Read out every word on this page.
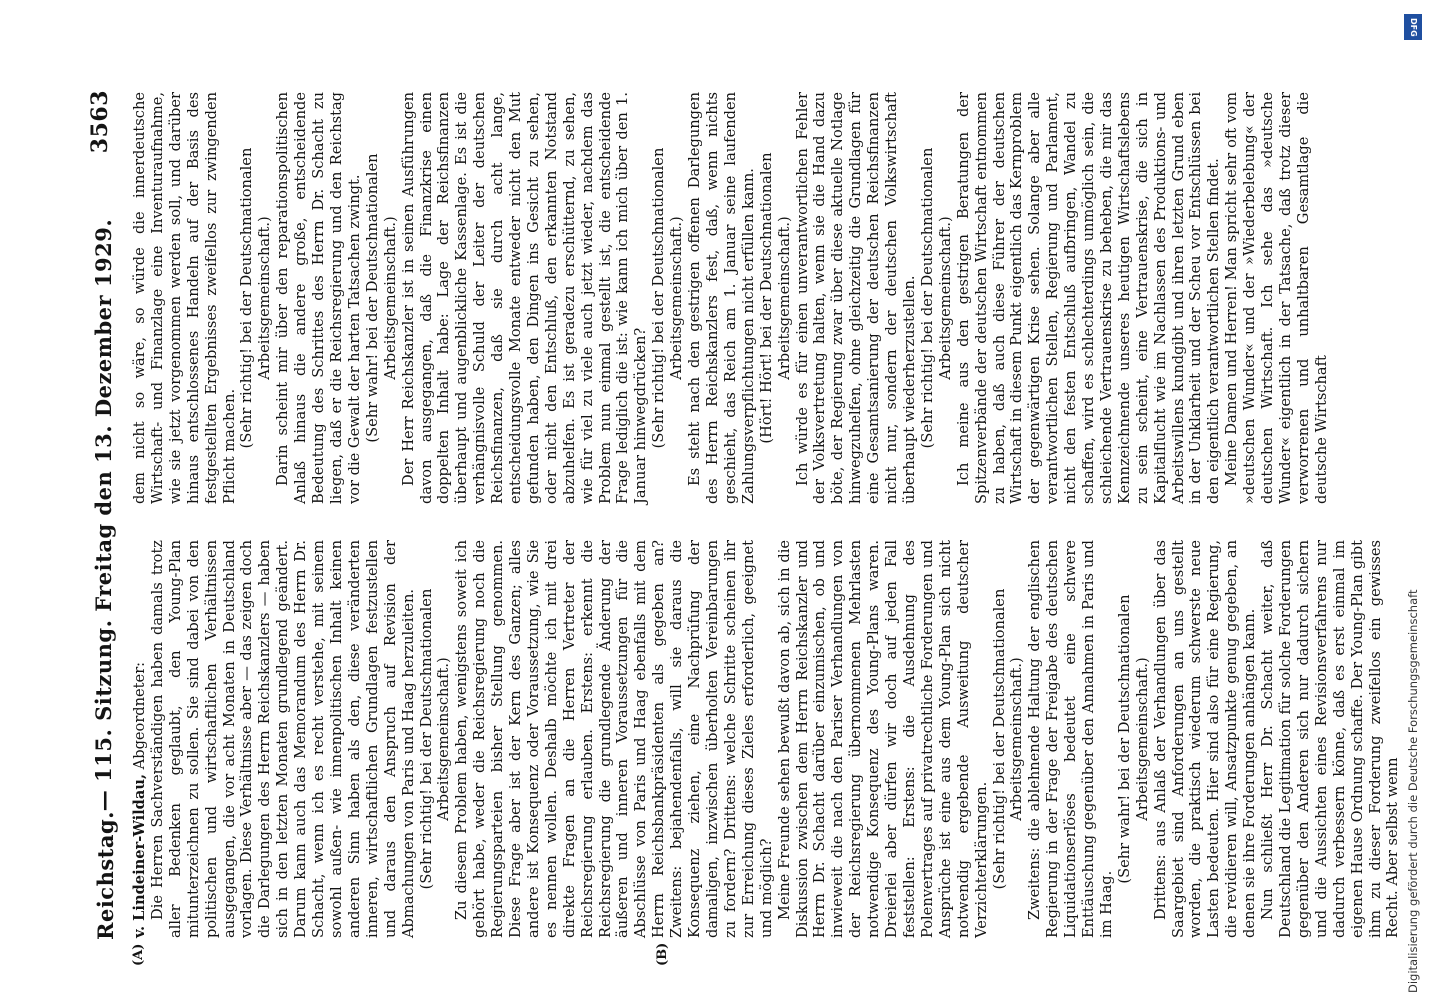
Reichstag.
— 115. Sitzung. Freitag den 13. Dezember 1929.
3563
(A)	(B)

v. Lindeiner-Wildau, Abgeordneter: Die Herren Sachverständigen haben damals trotz aller Bedenken geglaubt, den Young-Plan mitunterzeichnen zu sollen. Sie sind dabei von den politischen und wirtschaftlichen Verhältnissen ausgegangen, die vor acht Monaten in Deutschland vorlagen. Diese Verhältnisse aber — das zeigen doch die Darlegungen des Herrn Reichskanzlers — haben sich in den letzten Monaten grundlegend geändert. Darum kann auch das Memorandum des Herrn Dr. Schacht, wenn ich es recht verstehe, mit seinem sowohl außen- wie innenpolitischen Inhalt keinen anderen Sinn haben als den, diese veränderten inneren, wirtschaftlichen Grundlagen festzustellen und daraus den Anspruch auf Revision der Abmachungen von Paris und Haag herzuleiten. (Sehr richtig! bei der Deutschnationalen Arbeitsgemeinschaft.) Zu diesem Problem haben, wenigstens soweit ich gehört habe, weder die Reichsregierung noch die Regierungsparteien bisher Stellung genommen. Diese Frage aber ist der Kern des Ganzen; alles andere ist Konsequenz oder Voraussetzung, wie Sie es nennen wollen. Deshalb möchte ich mit drei direkte Fragen an die Herren Vertreter der Reichsregierung erlauben. Erstens: erkennt die Reichsregierung die grundlegende Änderung der äußeren und inneren Voraussetzungen für die Abschlüsse von Paris und Haag ebenfalls mit dem Herrn Reichsbankpräsidenten als gegeben an? Zweitens: bejahendenfalls, will sie daraus die Konsequenz ziehen, eine Nachprüfung der damaligen, inzwischen überholten Vereinbarungen zu fordern? Drittens: welche Schritte scheinen ihr zur Erreichung dieses Zieles erforderlich, geeignet und möglich? Meine Freunde sehen bewußt davon ab, sich in die Diskussion zwischen dem Herrn Reichskanzler und Herrn Dr. Schacht darüber einzumischen, ob und inwieweit die nach den Pariser Verhandlungen von der Reichsregierung übernommenen Mehrlasten notwendige Konsequenz des Young-Plans waren. Dreierlei aber dürfen wir doch auf jeden Fall feststellen: Erstens: die Ausdehnung des Polenvertrages auf privatrechtliche Forderungen und Ansprüche ist eine aus dem Young-Plan sich nicht notwendig ergebende Ausweitung deutscher Verzichterklärungen. (Sehr richtig! bei der Deutschnationalen Arbeitsgemeinschaft.) Zweitens: die ablehnende Haltung der englischen Regierung in der Frage der Freigabe des deutschen Liquidationserlöses bedeutet eine schwere Enttäuschung gegenüber den Annahmen in Paris und im Haag.

(Sehr wahr! bei der Deutschnationalen Arbeitsgemeinschaft.) Drittens: aus Anlaß der Verhandlungen über das Saargebiet sind Anforderungen an uns gestellt worden, die praktisch wiederum schwerste neue Lasten bedeuten. Hier sind also für eine Regierung, die revidieren will, Ansatzpunkte genug gegeben, an denen sie ihre Forderungen anhängen kann. Nun schließt Herr Dr. Schacht weiter, daß Deutschland die Legitimation für solche Forderungen gegenüber den Anderen sich nur dadurch sichern und die Aussichten eines Revisionsverfahrens nur dadurch verbessern könne, daß es erst einmal im eigenen Hause Ordnung schaffe. Der Young-Plan gibt ihm zu dieser Forderung zweifellos ein gewisses Recht. Aber selbst wenn

dem nicht so wäre, so würde die innerdeutsche Wirtschaft- und Finanzlage eine Inventuraufnahme, wie sie jetzt vorgenommen werden soll, und darüber hinaus entschlossenes Handeln auf der Basis des festgestellten Ergebnisses zweifellos zur zwingenden Pflicht machen. (Sehr richtig! bei der Deutschnationalen Arbeitsgemeinschaft.) Darin scheint mir über den reparationspolitischen Anlaß hinaus die andere große, entscheidende Bedeutung des Schrittes des Herrn Dr. Schacht zu liegen, daß er die Reichsregierung und den Reichstag vor die Gewalt der harten Tatsachen zwingt. (Sehr wahr! bei der Deutschnationalen Arbeitsgemeinschaft.) Der Herr Reichskanzler ist in seinen Ausführungen davon ausgegangen, daß die Finanzkrise einen doppelten Inhalt habe: Lage der Reichsfinanzen überhaupt und augenblickliche Kassenlage. Es ist die verhängnisvolle Schuld der Leiter der deutschen Reichsfinanzen, daß sie durch acht lange, entscheidungsvolle Monate entweder nicht den Mut gefunden haben, den Dingen ins Gesicht zu sehen, oder nicht den Entschluß, den erkannten Notstand abzuhelfen. Es ist geradezu erschütternd, zu sehen, wie für viel zu viele auch jetzt wieder, nachdem das Problem nun einmal gestellt ist, die entscheidende Frage lediglich die ist: wie kann ich mich über den 1. Januar hinwegdrücken? (Sehr richtig! bei der Deutschnationalen Arbeitsgemeinschaft.) Es steht nach den gestrigen offenen Darlegungen des Herrn Reichskanzlers fest, daß, wenn nichts geschieht, das Reich am 1. Januar seine laufenden Zahlungsverpflichtungen nicht erfüllen kann. (Hört! Hört! bei der Deutschnationalen Arbeitsgemeinschaft.) Ich würde es für einen unverantwortlichen Fehler der Volksvertretung halten, wenn sie die Hand dazu böte, der Regierung zwar über diese aktuelle Notlage hinwegzuhelfen, ohne gleichzeitig die Grundlagen für eine Gesamtsanierung der deutschen Reichsfinanzen nicht nur, sondern der deutschen Volkswirtschaft überhaupt wiederherzustellen. (Sehr richtig! bei der Deutschnationalen Arbeitsgemeinschaft.) Ich meine aus den gestrigen Beratungen der Spitzenverbände der deutschen Wirtschaft entnommen zu haben, daß auch diese Führer der deutschen Wirtschaft in diesem Punkt eigentlich das Kernproblem der gegenwärtigen Krise sehen. Solange aber alle verantwortlichen Stellen, Regierung und Parlament, nicht den festen Entschluß aufbringen, Wandel zu schaffen, wird es schlechterdings unmöglich sein, die schleichende Vertrauenskrise zu beheben, die mir das Kennzeichnende unseres heutigen Wirtschaftslebens zu sein scheint, eine Vertrauenskrise, die sich in Kapitalflucht wie im Nachlassen des Produktions- und Arbeitswillens kundgibt und ihren letzten Grund eben in der Unklarheit und der Scheu vor Entschlüssen bei den eigentlich verantwortlichen Stellen findet. Meine Damen und Herren! Man spricht sehr oft vom »deutschen Wunder« und der »Wiederbelebung« der deutschen Wirtschaft. Ich sehe das »deutsche Wunder« eigentlich in der Tatsache, daß trotz dieser verworrenen und unhaltbaren Gesamtlage die deutsche Wirtschaft

DFG
Digitalisierung gefördert durch die Deutsche Forschungsgemeinschaft
